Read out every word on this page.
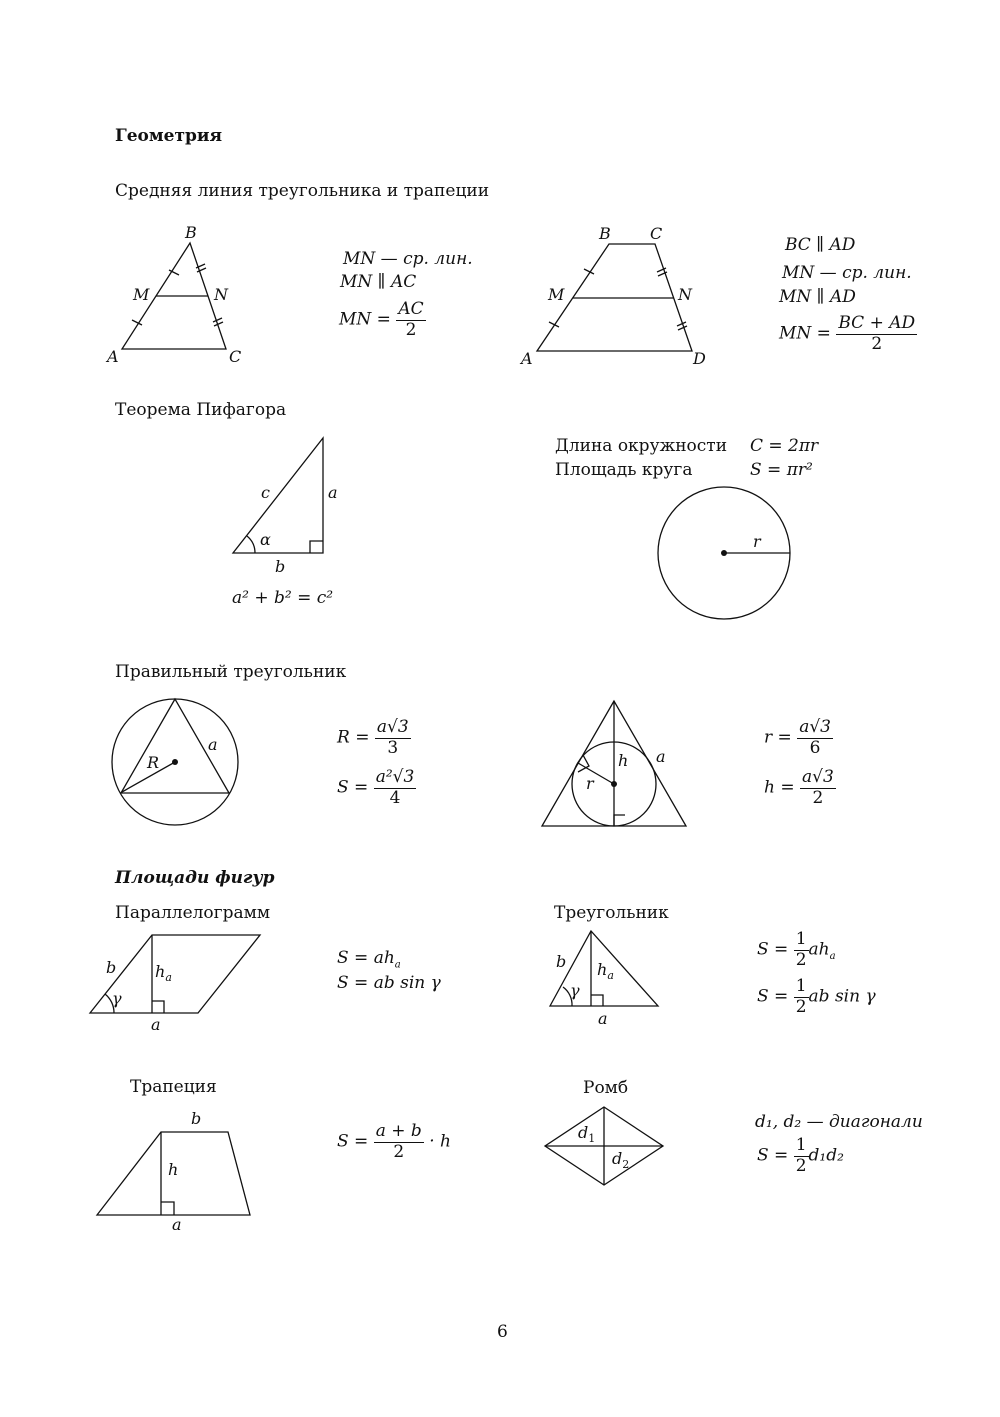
Геометрия
Средняя линия треугольника и трапеции
B
M	N
A	C
B C
M	N
A	D
c	a
α
b
r
R
a
h a
r
b $h_a$
γ
a
b $h_a$
γ
a
b
h
a
$d_1$
$d_2$
MN — ср. лин.
MN ∥ AC
MN = $\frac{AC}{2}$
BC ∥ AD
MN — ср. лин.
MN ∥ AD
MN = $\frac{BC + AD}{2}$
Теорема Пифагора
a² + b² = c²
Длина окружности C = 2πr
Площадь круга	S = πr²
Правильный треугольник
$R = \frac{a√3}{3}$
$S = \frac{\text{a²√3}}{4}$
$r = \frac{a√3}{6}$
$h = \frac{a√3}{2}$
Площади фигур
Параллелограмм
$S = ah_a$
S = ab sin γ
Треугольник
$S = \frac{1}{2} ah_a$
$S = \frac{1}{2}$ ab sin γ
Трапеция
$S = \frac{a + b}{2} \cdot h$
Ромб
d₁, d₂ — диагонали
$S = \frac{1}{2} d_1d_2$
6
